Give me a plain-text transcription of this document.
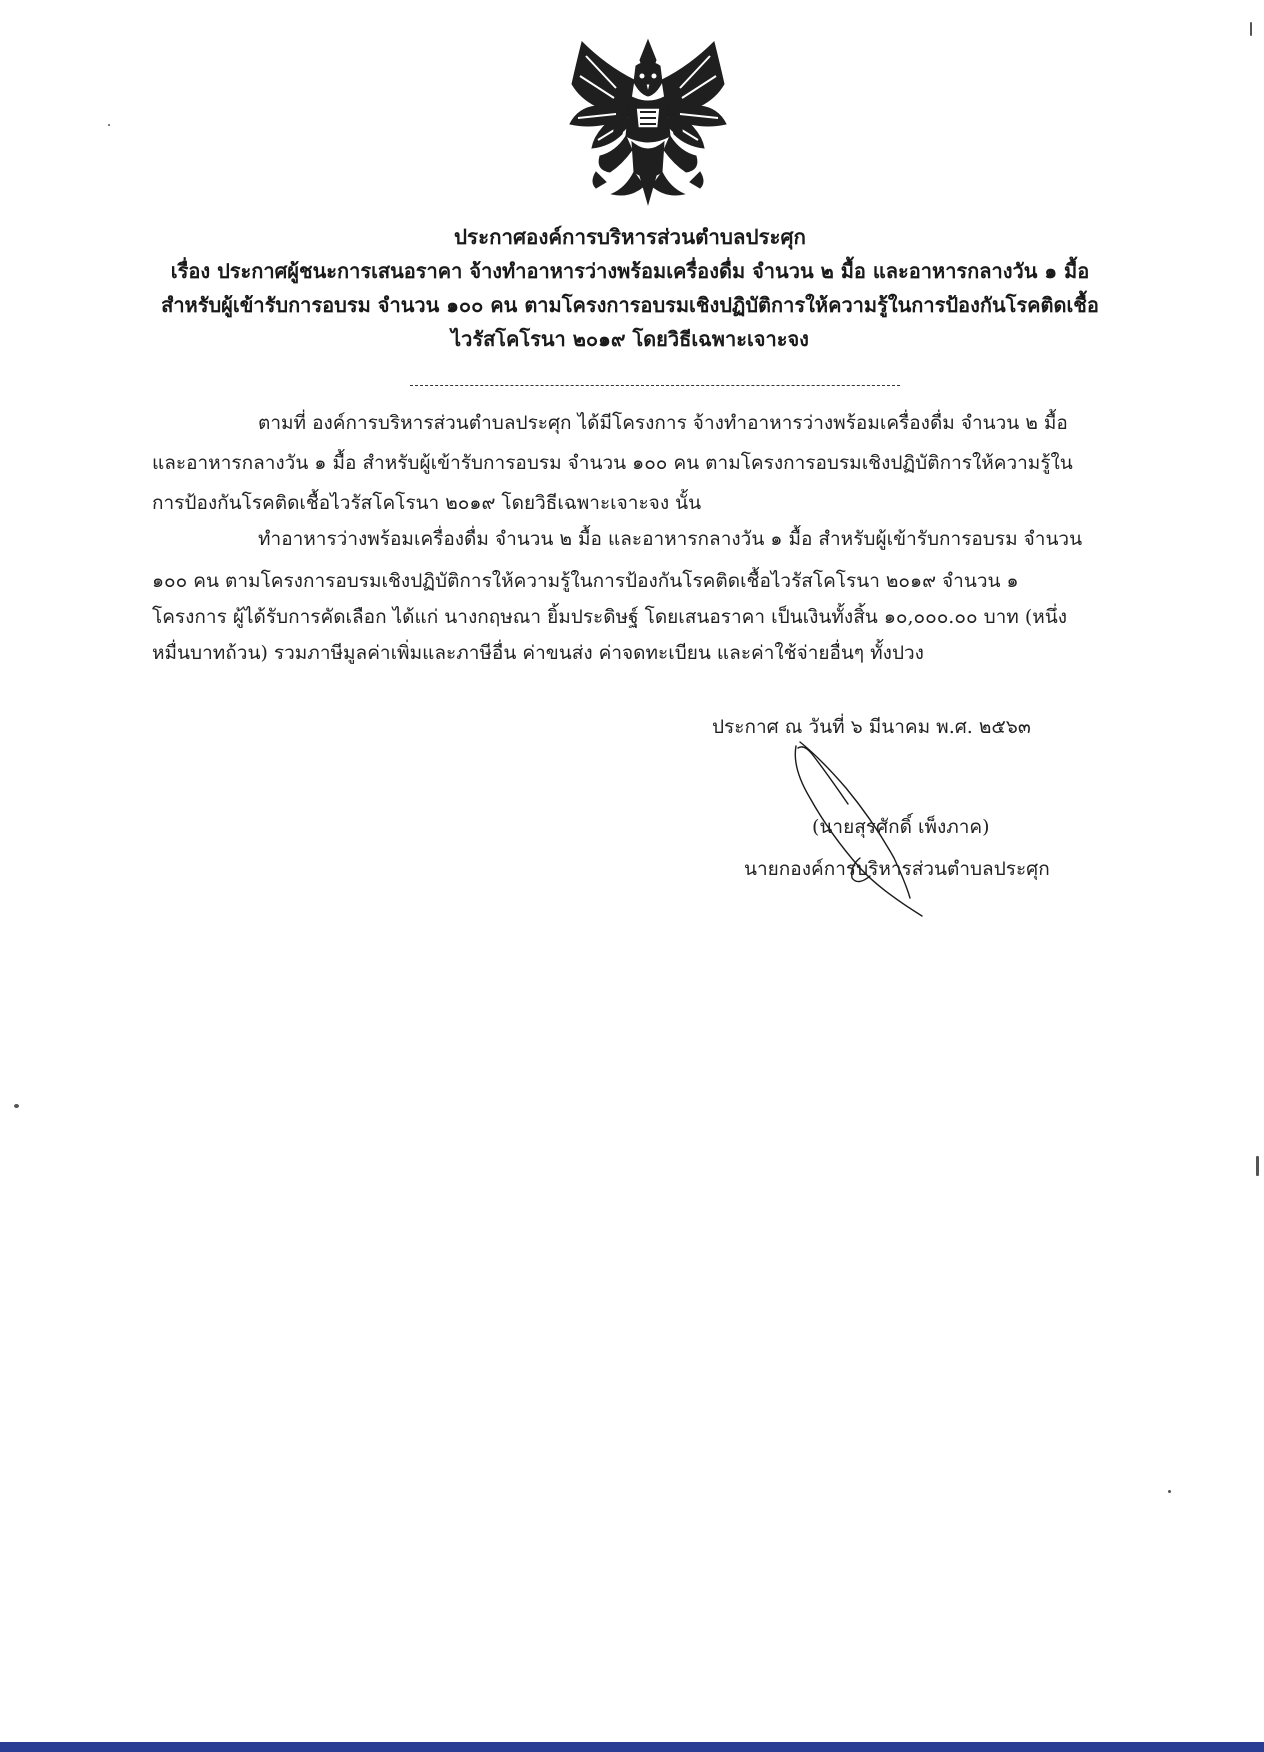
ประกาศองค์การบริหารส่วนตำบลประศุก
เรื่อง ประกาศผู้ชนะการเสนอราคา จ้างทำอาหารว่างพร้อมเครื่องดื่ม จำนวน ๒ มื้อ และอาหารกลางวัน ๑ มื้อ
สำหรับผู้เข้ารับการอบรม จำนวน ๑๐๐ คน ตามโครงการอบรมเชิงปฏิบัติการให้ความรู้ในการป้องกันโรคติดเชื้อ
ไวรัสโคโรนา ๒๐๑๙ โดยวิธีเฉพาะเจาะจง
ตามที่ องค์การบริหารส่วนตำบลประศุก ได้มีโครงการ จ้างทำอาหารว่างพร้อมเครื่องดื่ม จำนวน ๒ มื้อ
และอาหารกลางวัน ๑ มื้อ สำหรับผู้เข้ารับการอบรม จำนวน ๑๐๐ คน ตามโครงการอบรมเชิงปฏิบัติการให้ความรู้ใน
การป้องกันโรคติดเชื้อไวรัสโคโรนา ๒๐๑๙ โดยวิธีเฉพาะเจาะจง นั้น
ทำอาหารว่างพร้อมเครื่องดื่ม จำนวน ๒ มื้อ และอาหารกลางวัน ๑ มื้อ สำหรับผู้เข้ารับการอบรม จำนวน
๑๐๐ คน ตามโครงการอบรมเชิงปฏิบัติการให้ความรู้ในการป้องกันโรคติดเชื้อไวรัสโคโรนา ๒๐๑๙ จำนวน ๑
โครงการ ผู้ได้รับการคัดเลือก ได้แก่ นางกฤษณา ยิ้มประดิษฐ์ โดยเสนอราคา เป็นเงินทั้งสิ้น ๑๐,๐๐๐.๐๐ บาท (หนึ่ง
หมื่นบาทถ้วน) รวมภาษีมูลค่าเพิ่มและภาษีอื่น ค่าขนส่ง ค่าจดทะเบียน และค่าใช้จ่ายอื่นๆ ทั้งปวง
ประกาศ ณ วันที่ ๖ มีนาคม พ.ศ. ๒๕๖๓
(นายสุรศักดิ์ เพ็งภาค)
นายกองค์การบริหารส่วนตำบลประศุก
